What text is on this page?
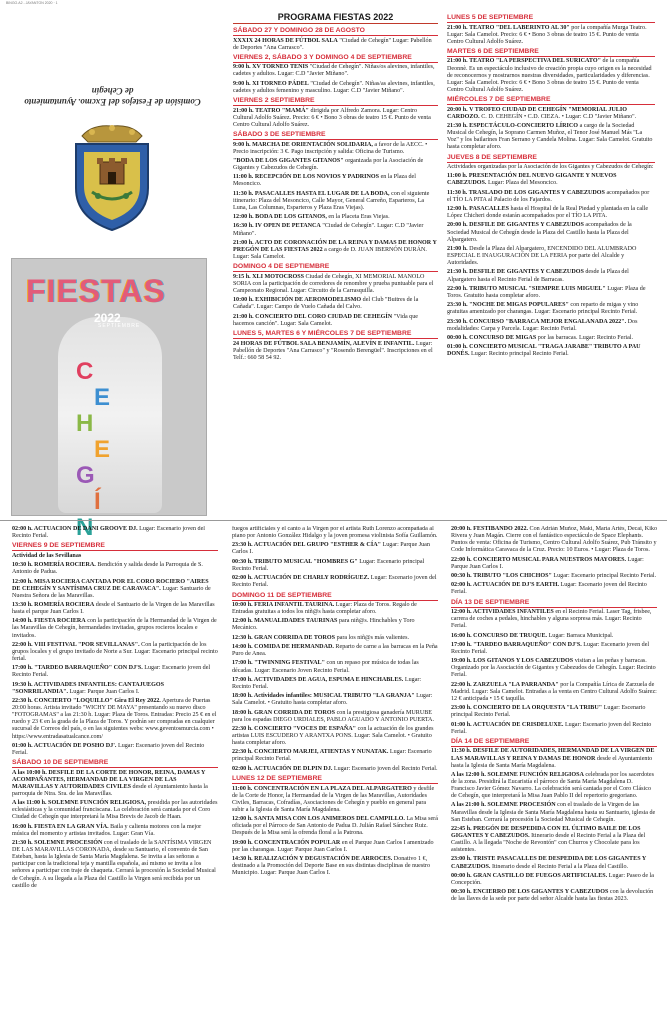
BINGO.A2 - JAYANTON 2020 · 1
Comisión de Festejos del Excmo. Ayuntamiento de Cehegín
FIESTAS
2022
SEPTIEMBRE
C
E
H
E
G
Í
N
PROGRAMA FIESTAS 2022
SÁBADO 27 Y DOMINGO 28 DE AGOSTO

XXXIX 24 HORAS DE FÚTBOL SALA "Ciudad de Cehegín" Lugar: Pabellón de Deportes "Ana Carrasco".

VIERNES 2, SÁBADO 3 Y DOMINGO 4 DE SEPTIEMBRE

9:00 h. XV TORNEO TENIS "Ciudad de Cehegín". Niñas/os alevines, infantiles, cadetes y adultos. Lugar: C.D "Javier Miñano".

9:00 h. XI TORNEO PÁDEL "Ciudad de Cehegín". Niñas/as alevines, infantiles, cadetes y adultos femenino y masculino. Lugar: C.D "Javier Miñano".

VIERNES 2 SEPTIEMBRE

21:00 h. TEATRO "MAMÁ" dirigida por Alfredo Zamora. Lugar: Centro Cultural Adolfo Suárez. Precio: 6 € • Bono 3 obras de teatro 15 €. Punto de venta Centro Cultural Adolfo Suárez.

SÁBADO 3 DE SEPTIEMBRE

9:00 h. MARCHA DE ORIENTACIÓN SOLIDARIA, a favor de la AECC. • Precio inscripción: 3 €. Pago inscripción y salida: Oficina de Turismo.

"BODA DE LOS GIGANTES GITANOS" organizada por la Asociación de Gigantes y Cabezudos de Cehegín.

11:00 h. RECEPCIÓN DE LOS NOVIOS Y PADRINOS en la Plaza del Mesoncico.

11:30 h. PASACALLES HASTA EL LUGAR DE LA BODA, con el siguiente itinerario: Plaza del Mesoncico, Calle Mayor, General Carreño, Esparteros, La Luna, Las Columnas, Esparteros y Plaza Eras Viejas).

12:00 h. BODA DE LOS GITANOS, en la Placeta Eras Viejas.

16:30 h. IV OPEN DE PETANCA "Ciudad de Cehegín". Lugar: C.D "Javier Miñano".

21:00 h. ACTO DE CORONACIÓN DE LA REINA Y DAMAS DE HONOR Y PREGÓN DE LAS FIESTAS 2022 a cargo de D. JUAN IBERNÓN DURÁN. Lugar: Sala Camelot.

DOMINGO 4 DE SEPTIEMBRE

9:15 h. XLI MOTOCROSS Ciudad de Cehegín, XI MEMORIAL MANOLO SORIA con la participación de corredores de renombre y prueba puntuable para el Campeonato Regional. Lugar: Circuito de la Carrasquilla.

10:00 h. EXHIBICIÓN DE AEROMODELISMO del Club "Buitres de la Cañada". Lugar: Campo de Vuelo Cañada del Calvo.

21:00 h. CONCIERTO DEL CORO CIUDAD DE CEHEGÍN "Vida que hacemos canción". Lugar: Sala Camelot.

LUNES 5, MARTES 6 Y MIÉRCOLES 7 DE SEPTIEMBRE

24 HORAS DE FÚTBOL SALA BENJAMÍN, ALEVÍN E INFANTIL. Lugar: Pabellón de Deportes "Ana Carrasco" y "Rosendo Berengüel". Inscripciones en el Telf.: 660 58 54 92.

LUNES 5 DE SEPTIEMBRE

21:00 h. TEATRO "DEL LABERINTO AL 30" por la compañía Murga Teatro. Lugar: Sala Camelot. Precio: 6 € • Bono 3 obras de teatro 15 €. Punto de venta Centro Cultural Adolfo Suárez.

MARTES 6 DE SEPTIEMBRE

21:00 h. TEATRO "LA PERSPECTIVA DEL SURICATO" de la compañía Deonnè. Es un espectáculo inclusivo de creación propia cuyo origen es la necesidad de reconocernos y mostrarnos nuestras diversidades, particularidades y diferencias. Lugar: Sala Camelot. Precio: 6 € • Bono 3 obras de teatro 15 €. Punto de venta Centro Cultural Adolfo Suárez.

MIÉRCOLES 7 DE SEPTIEMBRE

20:00 h. V TROFEO CIUDAD DE CEHEGÍN "MEMORIAL JULIO CARDOZO. C. D. CEHEGÍN • C.D. CIEZA. • Lugar: C.D "Javier Miñano".

21:30 h. ESPECTÁCULO-CONCIERTO LÍRICO a cargo de la Sociedad Musical de Cehegín, la Soprano Carmen Muñoz, el Tenor José Manuel Más "La Voz" y los bailarines Fran Serrano y Candela Molina. Lugar: Sala Camelot. Gratuito hasta completar aforo.

JUEVES 8 DE SEPTIEMBRE

Actividades organizadas por la Asociación de los Gigantes y Cabezudos de Cehegín:

11:00 h. PRESENTACIÓN DEL NUEVO GIGANTE Y NUEVOS CABEZUDOS. Lugar: Plaza del Mesoncico.

11:30 h. TRASLADO DE LOS GIGANTES Y CABEZUDOS acompañados por el TÍO LA PITA al Palacio de los Fajardos.

12:00 h. PASACALLES hasta el Hospital de la Real Piedad y plantada en la calle López Chicheri donde estarán acompañados por el TÍO LA PITA.

20:00 h. DESFILE DE GIGANTES Y CABEZUDOS acompañados de la Sociedad Musical de Cehegín desde la Plaza del Castillo hasta la Plaza del Alpargatero.

21:00 h. Desde la Plaza del Alpargatero, ENCENDIDO DEL ALUMBRADO ESPECIAL E INAUGURACIÓN DE LA FERIA por parte del Alcalde y Autoridades.

21:30 h. DESFILE DE GIGANTES Y CABEZUDOS desde la Plaza del Alpargatero hasta el Recinto Ferial de Barracas.

22:00 h. TRIBUTO MUSICAL "SIEMPRE LUIS MIGUEL" Lugar: Plaza de Toros. Gratuito hasta completar aforo.

23:30 h. "NOCHE DE MIGAS POPULARES" con reparto de migas y vino gratuitas amenizado por charangas. Lugar: Escenario principal Recinto Ferial.

23:30 h. CONCURSO "BARRACA MEJOR ENGALANADA 2022". Dos modalidades: Carpa y Parcela. Lugar: Recinto Ferial.

00:00 h. CONCURSO DE MIGAS por las barracas. Lugar: Recinto Ferial.

01:00 h. CONCIERTO MUSICAL "TRAGA JARABE" TRIBUTO A PAU DONÉS. Lugar: Recinto principal Recinto Ferial.

02:00 h. ACTUACIÓN DE DANI GROOVE DJ. Lugar: Escenario joven del Recinto Ferial.

VIERNES 9 DE SEPTIEMBRE

Actividad de las Sevillanas

10:30 h. ROMERÍA ROCIERA. Bendición y salida desde la Parroquia de S. Antonio de Padua.

12:00 h. MISA ROCIERA CANTADA POR EL CORO ROCIERO "AIRES DE CEHEGÍN Y SANTÍSIMA CRUZ DE CARAVACA". Lugar: Santuario de Nuestra Señora de las Maravillas.

13:30 h. ROMERÍA ROCIERA desde el Santuario de la Virgen de las Maravillas hasta el parque Juan Carlos I.

14:00 h. FIESTA ROCIERA con la participación de la Hermandad de la Virgen de las Maravillas de Cehegín, hermandades invitadas, grupos rocieros locales e invitados.

22:00 h. VIII FESTIVAL "POR SEVILLANAS". Con la participación de los grupos locales y el grupo invitado de Norte a Sur. Lugar: Escenario principal recinto ferial.

17:00 h. "TARDEO BARRAQUEÑO" CON DJ'S. Lugar: Escenario joven del Recinto Ferial.

19:30 h. ACTIVIDADES INFANTILES: CANTAJUEGOS "SONRRILANDIA". Lugar: Parque Juan Carlos I.

22:30 h. CONCIERTO "LOQUILLO" Gira El Rey 2022. Apertura de Puertas 20:00 horas. Artista invitado "WICHY DE MAYA" presentando su nuevo disco "FOTOGRAMAS" a las 21:30 h. Lugar: Plaza de Toros. Entradas: Precio 25 € en el ruedo y 23 € en la grada de la Plaza de Toros. Y podrán ser compradas en cualquier sucursal de Correos del país, o en las siguientes webs: www.geventosmurcia.com • https://www.entradasatualcance.com/

01:00 h. ACTUACIÓN DE POSHO DJ'. Lugar: Escenario joven del Recinto Ferial.

SÁBADO 10 DE SEPTIEMBRE

A las 10:00 h. DESFILE DE LA CORTE DE HONOR, REINA, DAMAS Y ACOMPAÑANTES, HERMANDAD DE LA VIRGEN DE LAS MARAVILLAS Y AUTORIDADES CIVILES desde el Ayuntamiento hasta la parroquia de Ntra. Sra. de las Maravillas.

A las 11:00 h. SOLEMNE FUNCIÓN RELIGIOSA, presidida por las autoridades eclesiásticas y la comunidad franciscana. La celebración será cantada por el Coro Ciudad de Cehegín que interpretará la Misa Brevis de Jacob de Haan.

16:00 h. FIESTA EN LA GRAN VÍA. Baila y calienta motores con la mejor música del momento y artistas invitados. Lugar: Gran Vía.

21:30 h. SOLEMNE PROCESIÓN con el traslado de la SANTÍSIMA VIRGEN DE LAS MARAVILLAS CORONADA, desde su Santuario, el convento de San Esteban, hasta la Iglesia de Santa María Magdalena. Se invita a las señoras a participar con la tradicional teja y mantilla española, así mismo se invita a los señores a participar con traje de chaqueta. Cerrará la procesión la Sociedad Musical de Cehegín. A su llegada a la Plaza del Castillo la Virgen será recibida por un castillo de

fuegos artificiales y el canto a la Virgen por el artista Ruth Lorenzo acompañada al piano por Antonio González Hidalgo y la joven promesa violinista Sofía Guillamón.

23:30 h. ACTUACIÓN DEL GRUPO "ESTHER & CÍA" Lugar: Parque Juan Carlos I.

00:30 h. TRIBUTO MUSICAL "HOMBRES G" Lugar: Escenario principal Recinto Ferial.

02:00 h. ACTUACIÓN DE CHARLY RODRÍGUEZ. Lugar: Escenario joven del Recinto Ferial.

DOMINGO 11 DE SEPTIEMBRE

10:00 h. FERIA INFANTIL TAURINA. Lugar: Plaza de Toros. Regalo de Entradas gratuitas a todos los niñ@s hasta completar aforo.

12:00 h. MANUALIDADES TAURINAS para niñ@s. Hinchables y Toro Mecánico.

12:30 h. GRAN CORRIDA DE TOROS para los niñ@s más valientes.

14:00 h. COMIDA DE HERMANDAD. Reparto de carne a las barracas en la Peña Puro de Anea.

17:00 h. "TWINNING FESTIVAL" con un repaso por música de todas las décadas. Lugar: Escenario Joven Recinto Ferial.

17:00 h. ACTIVIDADES DE AGUA, ESPUMA E HINCHABLES. Lugar: Recinto Ferial.

18:00 h. Actividades infantiles: MUSICAL TRIBUTO "LA GRANJA" Lugar: Sala Camelot. • Gratuito hasta completar aforo.

18:00 h. GRAN CORRIDA DE TOROS con la prestigiosa ganadería MURUBE para los espadas DIEGO URDIALES, PABLO AGUADO Y ANTONIO PUERTA.

22:30 h. CONCIERTO "VOCES DE ESPAÑA" con la actuación de los grandes artistas LUIS ESCUDERO Y ARANTXA PONS. Lugar: Sala Camelot. • Gratuito hasta completar aforo.

22:30 h. CONCIERTO MARJEI, ATIENTAS Y NUNATAK. Lugar: Escenario principal Recinto Ferial.

02:00 h. ACTUACIÓN DE DLPIN DJ. Lugar: Escenario joven del Recinto Ferial.

LUNES 12 DE SEPTIEMBRE

11:00 h. CONCENTRACIÓN EN LA PLAZA DEL ALPARGATERO y desfile de la Corte de Honor, la Hermandad de la Virgen de las Maravillas, Autoridades Civiles, Barracas, Cofradías, Asociaciones de Cehegín y pueblo en general para subir a la Iglesia de Santa María Magdalena.

12:00 h. SANTA MISA CON LOS ANIMEROS DEL CAMPILLO. La Misa será oficiada por el Párroco de San Antonio de Padua D. Julián Rafael Sánchez Ruiz. Después de la Misa será la ofrenda floral a la Patrona.

19:00 h. CONCENTRACIÓN POPULAR en el Parque Juan Carlos I amenizado por las charangas. Lugar: Parque Juan Carlos I.

14:30 h. REALIZACIÓN Y DEGUSTACIÓN DE ARROCES. Donativo 1 €, destinado a la Promoción del Deporte Base en sus distintas disciplinas de nuestro Municipio. Lugar: Parque Juan Carlos I.

20:00 h. FESTIBANDO 2022. Con Adrián Muñoz, Maki, María Artés, Decai, Kiko Rivera y Juan Magán. Cierre con el fantástico espectáculo de Space Elephants. Puntos de venta: Oficina de Turismo, Centro Cultural Adolfo Suárez, Pub Tránsito y Code Informática Caravaca de la Cruz. Precio: 10 Euros. • Lugar: Plaza de Toros.

22:00 h. CONCIERTO MUSICAL PARA NUESTROS MAYORES. Lugar: Parque Juan Carlos I.

00:30 h. TRIBUTO "LOS CHICHOS" Lugar: Escenario principal Recinto Ferial.

02:00 h. ACTUACIÓN DE DJ'S EARTH. Lugar: Escenario joven del Recinto Ferial.

DÍA 13 DE SEPTIEMBRE

12:00 h. ACTIVIDADES INFANTILES en el Recinto Ferial. Laser Tag, frisbee, carrera de coches a pedales, hinchables y alguna sorpresa más. Lugar: Recinto Ferial.

16:00 h. CONCURSO DE TRUQUE. Lugar: Barraca Municipal.

17:00 h. "TARDEO BARRAQUEÑO" CON DJ'S. Lugar: Escenario joven del Recinto Ferial.

19:00 h. LOS GITANOS Y LOS CABEZUDOS visitan a las peñas y barracas. Organizado por la Asociación de Gigantes y Cabezudos de Cehegín. Lugar: Recinto Ferial.

22:00 h. ZARZUELA "LA PARRANDA" por la Compañía Lírica de Zarzuela de Madrid. Lugar: Sala Camelot. Entradas a la venta en Centro Cultural Adolfo Suárez: 12 € anticipada • 15 € taquilla.

23:00 h. CONCIERTO DE LA ORQUESTA "LA TRIBU" Lugar: Escenario principal Recinto Ferial.

01:00 h. ACTUACIÓN DE CRISDELUXE. Lugar: Escenario joven del Recinto Ferial.

DÍA 14 DE SEPTIEMBRE

11:30 h. DESFILE DE AUTORIDADES, HERMANDAD DE LA VIRGEN DE LAS MARAVILLAS Y REINA Y DAMAS DE HONOR desde el Ayuntamiento hasta la Iglesia de Santa María Magdalena.

A las 12:00 h. SOLEMNE FUNCIÓN RELIGIOSA celebrada por los sacerdotes de la zona. Presidirá la Eucaristía el párroco de Santa María Magdalena D. Francisco Javier Gómez Navarro. La celebración será cantada por el Coro Clásico de Cehegín, que interpretará la Misa Juan Pablo II del repertorio gregoriano.

A las 21:00 h. SOLEMNE PROCESIÓN con el traslado de la Virgen de las Maravillas desde la Iglesia de Santa María Magdalena hasta su Santuario, iglesia de San Esteban. Cerrará la procesión la Sociedad Musical de Cehegín.

22:45 h. PREGÓN DE DESPEDIDA CON EL ÚLTIMO BAILE DE LOS GIGANTES Y CABEZUDOS. Itinerario desde el Recinto Ferial a la Plaza del Castillo. A la llegada "Noche de Revontón" con Churros y Chocolate para los asistentes.

23:00 h. TRISTE PASACALLES DE DESPEDIDA DE LOS GIGANTES Y CABEZUDOS. Itinerario desde el Recinto Ferial a la Plaza del Castillo.

00:00 h. GRAN CASTILLO DE FUEGOS ARTIFICIALES. Lugar: Paseo de la Concepción.

00:30 h. ENCIERRO DE LOS GIGANTES Y CABEZUDOS con la devolución de las llaves de la sede por parte del señor Alcalde hasta las fiestas 2023.
